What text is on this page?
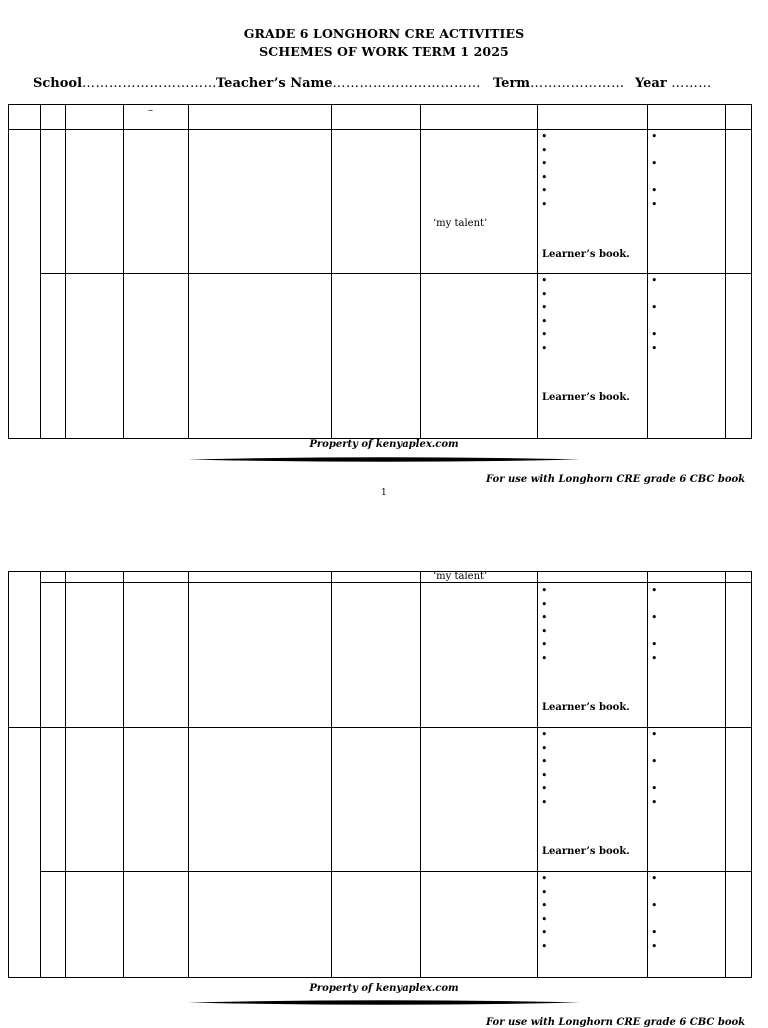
GRADE 6 LONGHORN CRE ACTIVITIES
SCHEMES OF WORK TERM 1 2025
School…………………………
Teacher’s Name…………………………… Term………………… Year ………
–
‘my talent’
•
•
•
•
•
•
•
•
•
•
Learner’s book.
•
•
•
•
•
•
•
•
•
•
Learner’s book.
Property of kenyaplex.com
For use with Longhorn CRE grade 6 CBC book
1
‘my talent’
•
•
•
•
•
•
•
•
•
•
Learner’s book.
•
•
•
•
•
•
•
•
•
•
Learner’s book.
•
•
•
•
•
•
•
•
•
•
Property of kenyaplex.com
For use with Longhorn CRE grade 6 CBC book
